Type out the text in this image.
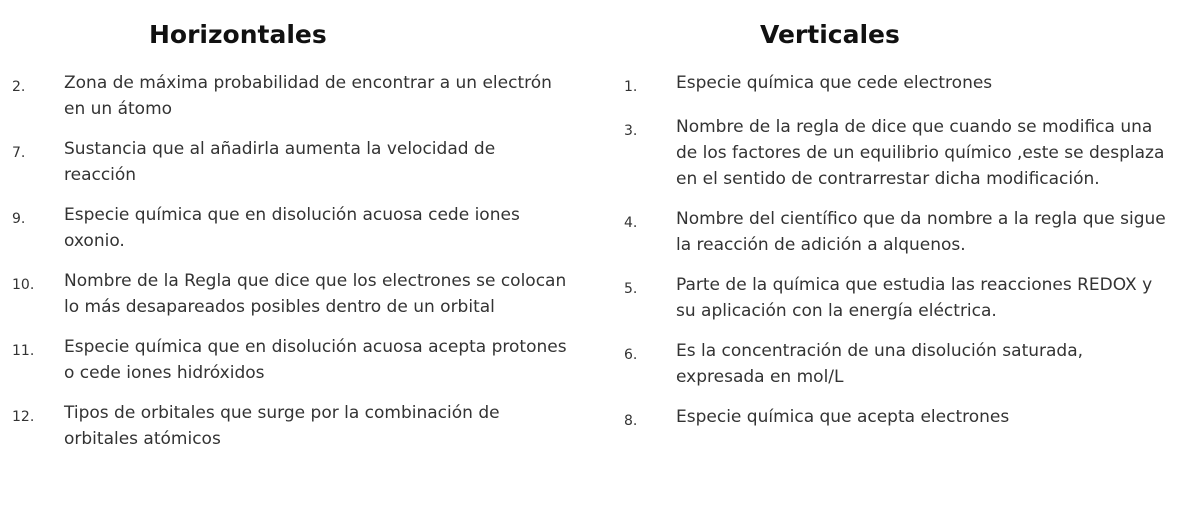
Horizontales
2.	Zona de máxima probabilidad de encontrar a un electrón en un átomo
7.	Sustancia que al añadirla aumenta la velocidad de reacción
9.	Especie química que en disolución acuosa cede iones oxonio.
10.	Nombre de la Regla que dice que los electrones se colocan lo más desapareados posibles dentro de un orbital
11.	Especie química que en disolución acuosa acepta protones o cede iones hidróxidos
12.	Tipos de orbitales que surge por la combinación de orbitales atómicos
Verticales
1.	Especie química que cede electrones
3.	Nombre de la regla de dice que cuando se modifica una de los factores de un equilibrio químico ,este se desplaza en el sentido de contrarrestar dicha modificación.
4.	Nombre del científico que da nombre a la regla que sigue la reacción de adición a alquenos.
5.	Parte de la química que estudia las reacciones REDOX y su aplicación con la energía eléctrica.
6.	Es la concentración de una disolución saturada, expresada en mol/L
8.	Especie química que acepta electrones
